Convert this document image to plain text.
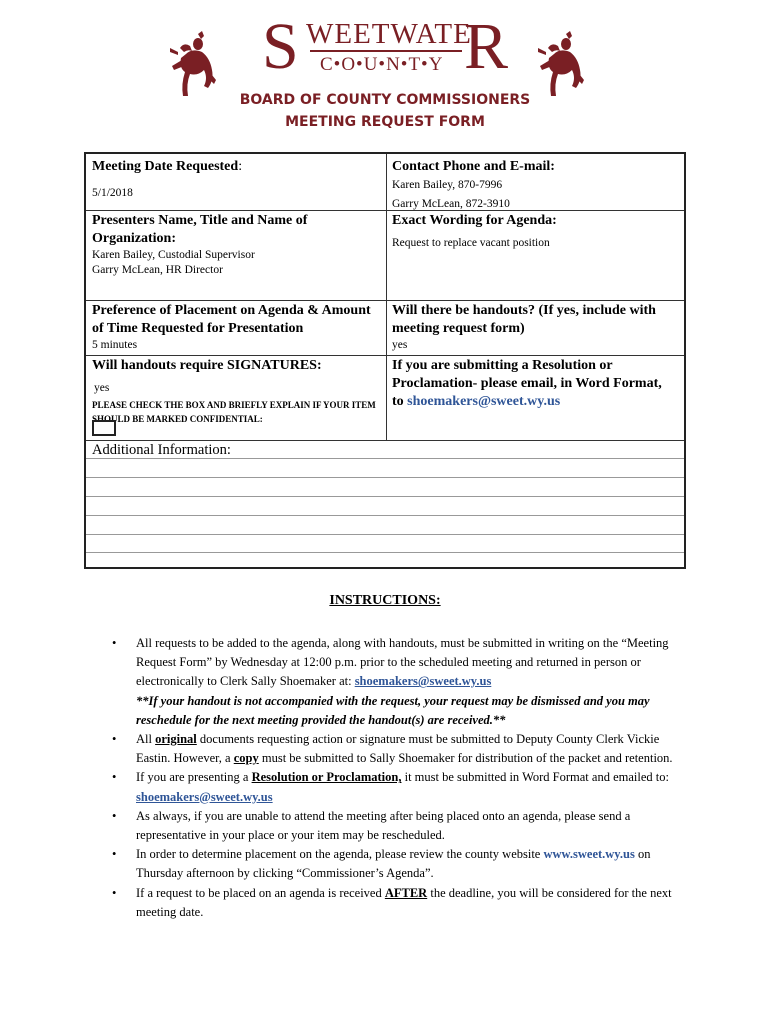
S WEETWATE
R
C•O•U•N•T•Y
BOARD OF COUNTY COMMISSIONERS
MEETING REQUEST FORM
Meeting Date Requested:
5/1/2018
Contact Phone and E-mail:
Karen Bailey, 870-7996
Garry McLean, 872-3910
Presenters Name, Title and Name of Organization:
Karen Bailey, Custodial Supervisor
Garry McLean, HR Director
Exact Wording for Agenda:
Request to replace vacant position
Preference of Placement on Agenda & Amount of Time Requested for Presentation
5 minutes
Will there be handouts? (If yes, include with meeting request form)
yes
Will handouts require SIGNATURES:
yes
PLEASE CHECK THE BOX AND BRIEFLY EXPLAIN IF YOUR ITEM SHOULD BE MARKED CONFIDENTIAL:
If you are submitting a Resolution or Proclamation- please email, in Word Format, to shoemakers@sweet.wy.us
Additional Information:
INSTRUCTIONS:
• All requests to be added to the agenda, along with handouts, must be submitted in writing on the “Meeting Request Form” by Wednesday at 12:00 p.m. prior to the scheduled meeting and returned in person or electronically to Clerk Sally Shoemaker at: shoemakers@sweet.wy.us
**If your handout is not accompanied with the request, your request may be dismissed and you may reschedule for the next meeting provided the handout(s) are received.**
• All original documents requesting action or signature must be submitted to Deputy County Clerk Vickie Eastin. However, a copy must be submitted to Sally Shoemaker for distribution of the packet and retention.
• If you are presenting a Resolution or Proclamation, it must be submitted in Word Format and emailed to: shoemakers@sweet.wy.us
• As always, if you are unable to attend the meeting after being placed onto an agenda, please send a representative in your place or your item may be rescheduled.
• In order to determine placement on the agenda, please review the county website www.sweet.wy.us on Thursday afternoon by clicking “Commissioner’s Agenda”.
• If a request to be placed on an agenda is received AFTER the deadline, you will be considered for the next meeting date.
